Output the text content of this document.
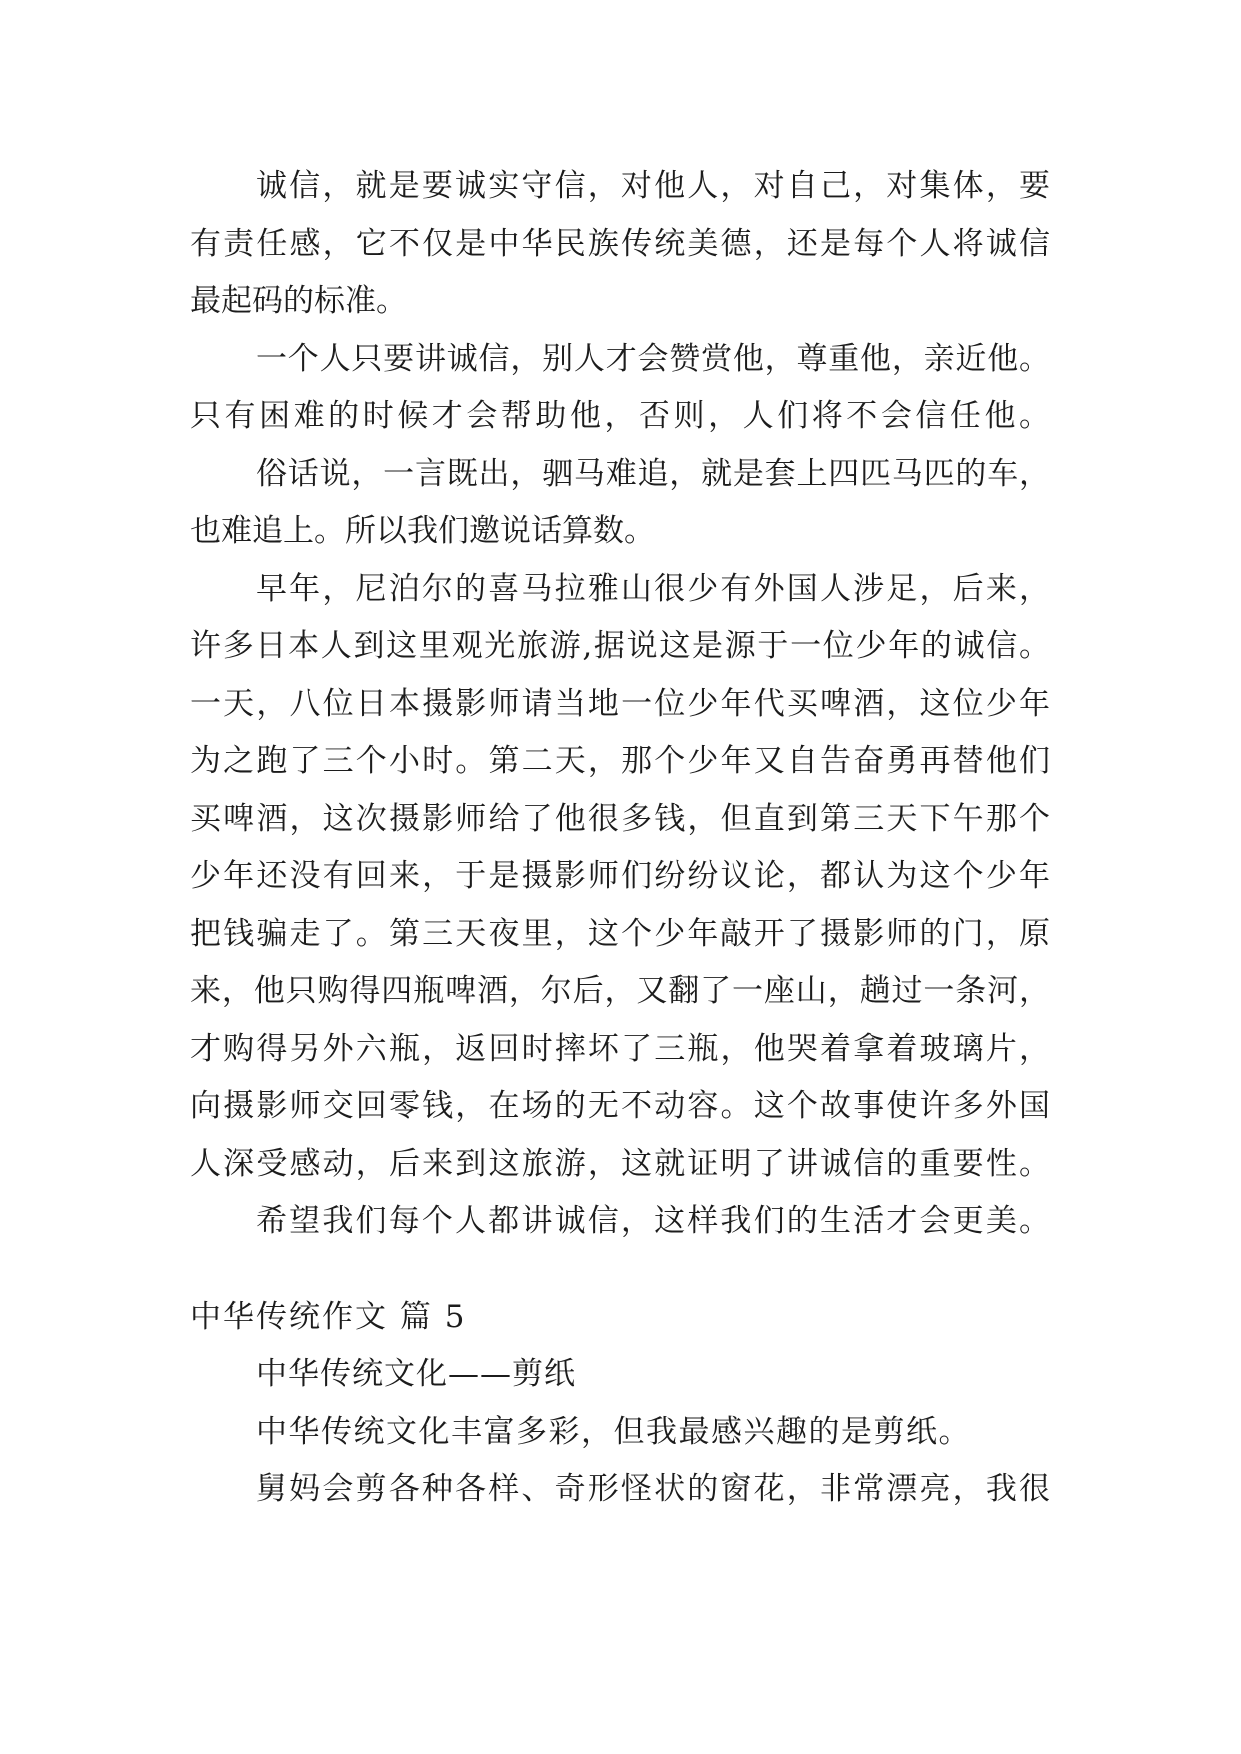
诚信，就是要诚实守信，对他人，对自己，对集体，要
有责任感，它不仅是中华民族传统美德，还是每个人将诚信
最起码的标准。
一个人只要讲诚信，别人才会赞赏他，尊重他，亲近他。
只有困难的时候才会帮助他，否则，人们将不会信任他。
俗话说，一言既出，驷马难追，就是套上四匹马匹的车，
也难追上。所以我们邀说话算数。
早年，尼泊尔的喜马拉雅山很少有外国人涉足，后来，
许多日本人到这里观光旅游,据说这是源于一位少年的诚信。
一天，八位日本摄影师请当地一位少年代买啤酒，这位少年
为之跑了三个小时。第二天，那个少年又自告奋勇再替他们
买啤酒，这次摄影师给了他很多钱，但直到第三天下午那个
少年还没有回来，于是摄影师们纷纷议论，都认为这个少年
把钱骗走了。第三天夜里，这个少年敲开了摄影师的门，原
来，他只购得四瓶啤酒，尔后，又翻了一座山，趟过一条河，
才购得另外六瓶，返回时摔坏了三瓶，他哭着拿着玻璃片，
向摄影师交回零钱，在场的无不动容。这个故事使许多外国
人深受感动，后来到这旅游，这就证明了讲诚信的重要性。
希望我们每个人都讲诚信，这样我们的生活才会更美。
中华传统作文 篇 5
中华传统文化——剪纸
中华传统文化丰富多彩，但我最感兴趣的是剪纸。
舅妈会剪各种各样、奇形怪状的窗花，非常漂亮，我很
